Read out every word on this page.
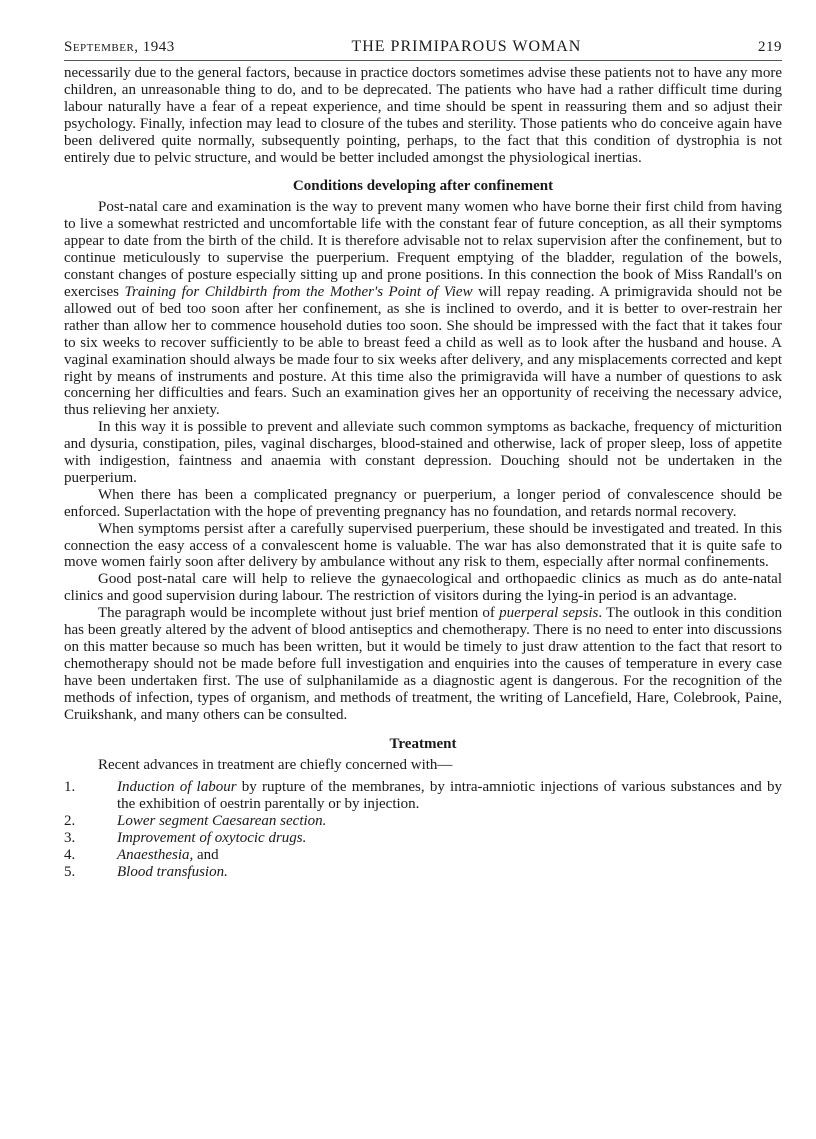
September, 1943	THE PRIMIPAROUS WOMAN	219

necessarily due to the general factors, because in practice doctors sometimes advise these patients not to have any more children, an unreasonable thing to do, and to be deprecated. The patients who have had a rather difficult time during labour naturally have a fear of a repeat experience, and time should be spent in reassuring them and so adjust their psychology. Finally, infection may lead to closure of the tubes and sterility. Those patients who do conceive again have been delivered quite normally, subsequently pointing, perhaps, to the fact that this condition of dystrophia is not entirely due to pelvic structure, and would be better included amongst the physiological inertias.

Conditions developing after confinement

Post-natal care and examination is the way to prevent many women who have borne their first child from having to live a somewhat restricted and uncomfortable life with the constant fear of future conception, as all their symptoms appear to date from the birth of the child. It is therefore advisable not to relax supervision after the confinement, but to continue meticulously to supervise the puerperium. Frequent emptying of the bladder, regulation of the bowels, constant changes of posture especially sitting up and prone positions. In this connection the book of Miss Randall's on exercises Training for Childbirth from the Mother's Point of View will repay reading. A primigravida should not be allowed out of bed too soon after her confinement, as she is inclined to overdo, and it is better to over-restrain her rather than allow her to commence household duties too soon. She should be impressed with the fact that it takes four to six weeks to recover sufficiently to be able to breast feed a child as well as to look after the husband and house. A vaginal examination should always be made four to six weeks after delivery, and any misplacements corrected and kept right by means of instruments and posture. At this time also the primigravida will have a number of questions to ask concerning her difficulties and fears. Such an examination gives her an opportunity of receiving the necessary advice, thus relieving her anxiety.

In this way it is possible to prevent and alleviate such common symptoms as backache, frequency of micturition and dysuria, constipation, piles, vaginal discharges, blood-stained and otherwise, lack of proper sleep, loss of appetite with indigestion, faintness and anaemia with constant depression. Douching should not be undertaken in the puerperium.

When there has been a complicated pregnancy or puerperium, a longer period of convalescence should be enforced. Superlactation with the hope of preventing pregnancy has no foundation, and retards normal recovery.

When symptoms persist after a carefully supervised puerperium, these should be investigated and treated. In this connection the easy access of a convalescent home is valuable. The war has also demonstrated that it is quite safe to move women fairly soon after delivery by ambulance without any risk to them, especially after normal confinements.

Good post-natal care will help to relieve the gynaecological and orthopaedic clinics as much as do ante-natal clinics and good supervision during labour. The restriction of visitors during the lying-in period is an advantage.

The paragraph would be incomplete without just brief mention of puerperal sepsis. The outlook in this condition has been greatly altered by the advent of blood antiseptics and chemotherapy. There is no need to enter into discussions on this matter because so much has been written, but it would be timely to just draw attention to the fact that resort to chemotherapy should not be made before full investigation and enquiries into the causes of temperature in every case have been undertaken first. The use of sulphanilamide as a diagnostic agent is dangerous. For the recognition of the methods of infection, types of organism, and methods of treatment, the writing of Lancefield, Hare, Colebrook, Paine, Cruikshank, and many others can be consulted.

Treatment

Recent advances in treatment are chiefly concerned with—

1.	Induction of labour by rupture of the membranes, by intra-amniotic injections of various substances and by the exhibition of oestrin parentally or by injection.
2.	Lower segment Caesarean section.
3.	Improvement of oxytocic drugs.
4.	Anaesthesia, and
5.	Blood transfusion.
